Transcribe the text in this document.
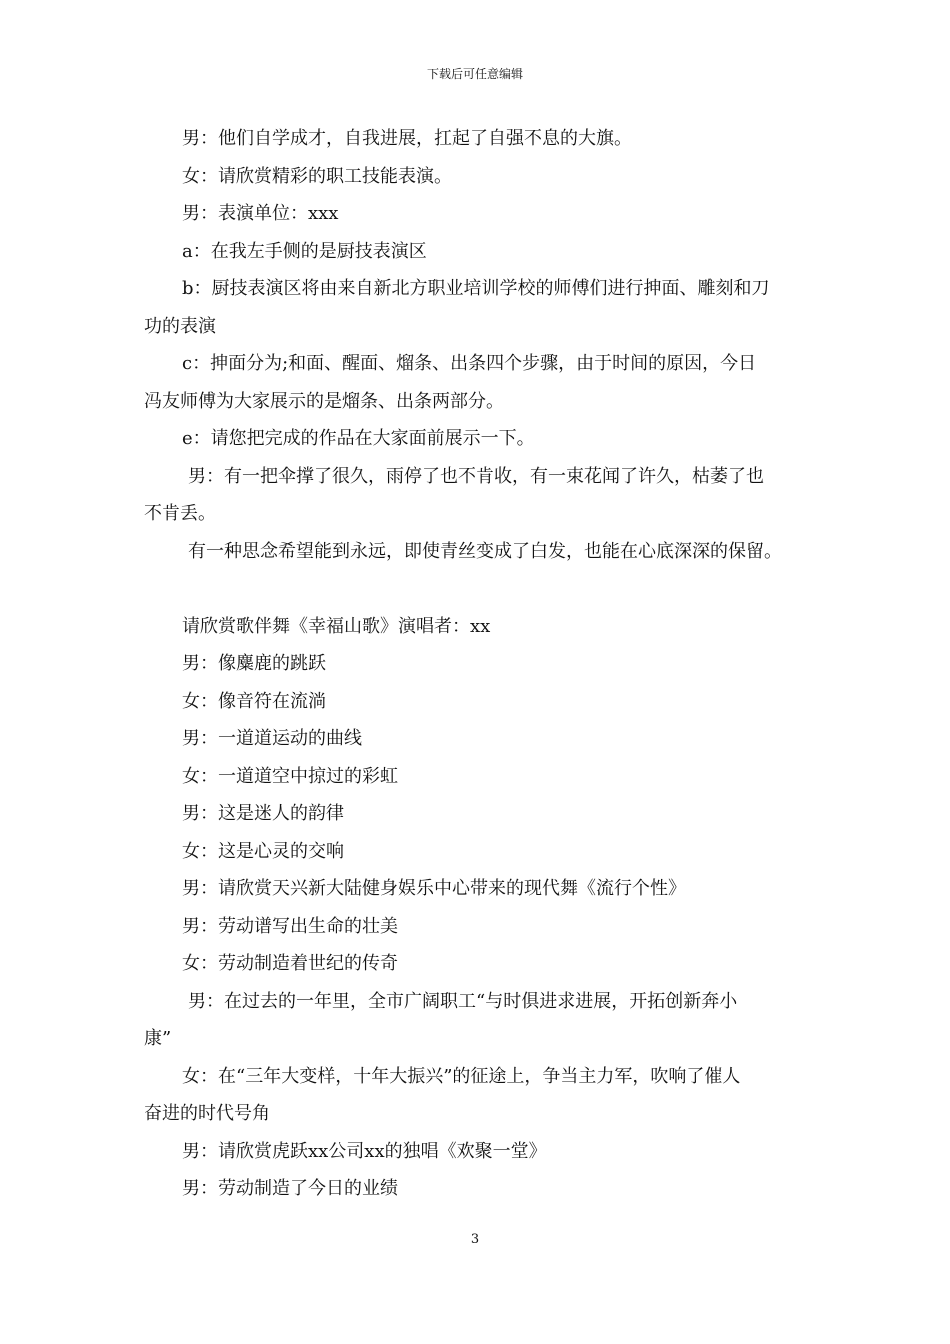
下载后可任意编辑

男：他们自学成才，自我进展，扛起了自强不息的大旗。

女：请欣赏精彩的职工技能表演。

男：表演单位：xxx

a：在我左手侧的是厨技表演区

b：厨技表演区将由来自新北方职业培训学校的师傅们进行抻面、雕刻和刀
功的表演

c：抻面分为;和面、醒面、熘条、出条四个步骤，由于时间的原因，今日
冯友师傅为大家展示的是熘条、出条两部分。

e：请您把完成的作品在大家面前展示一下。

男：有一把伞撑了很久，雨停了也不肯收，有一束花闻了许久，枯萎了也
不肯丢。

有一种思念希望能到永远，即使青丝变成了白发，也能在心底深深的保留。

请欣赏歌伴舞《幸福山歌》演唱者：xx

男：像麋鹿的跳跃

女：像音符在流淌

男：一道道运动的曲线

女：一道道空中掠过的彩虹

男：这是迷人的韵律

女：这是心灵的交响

男：请欣赏天兴新大陆健身娱乐中心带来的现代舞《流行个性》

男：劳动谱写出生命的壮美

女：劳动制造着世纪的传奇

男：在过去的一年里，全市广阔职工“与时俱进求进展，开拓创新奔小
康”

女：在“三年大变样，十年大振兴”的征途上，争当主力军，吹响了催人
奋进的时代号角

男：请欣赏虎跃xx公司xx的独唱《欢聚一堂》

男：劳动制造了今日的业绩

3
